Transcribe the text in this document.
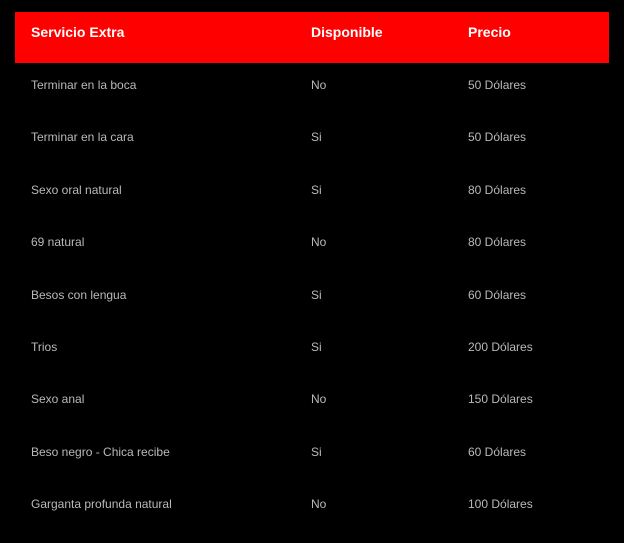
Servicio Extra	Disponible	Precio
Terminar en la boca	No	50 Dólares
Terminar en la cara	Si	50 Dólares
Sexo oral natural	Si	80 Dólares
69 natural	No	80 Dólares
Besos con lengua	Si	60 Dólares
Trios	Si	200 Dólares
Sexo anal	No	150 Dólares
Beso negro - Chica recibe	Si	60 Dólares
Garganta profunda natural	No	100 Dólares
